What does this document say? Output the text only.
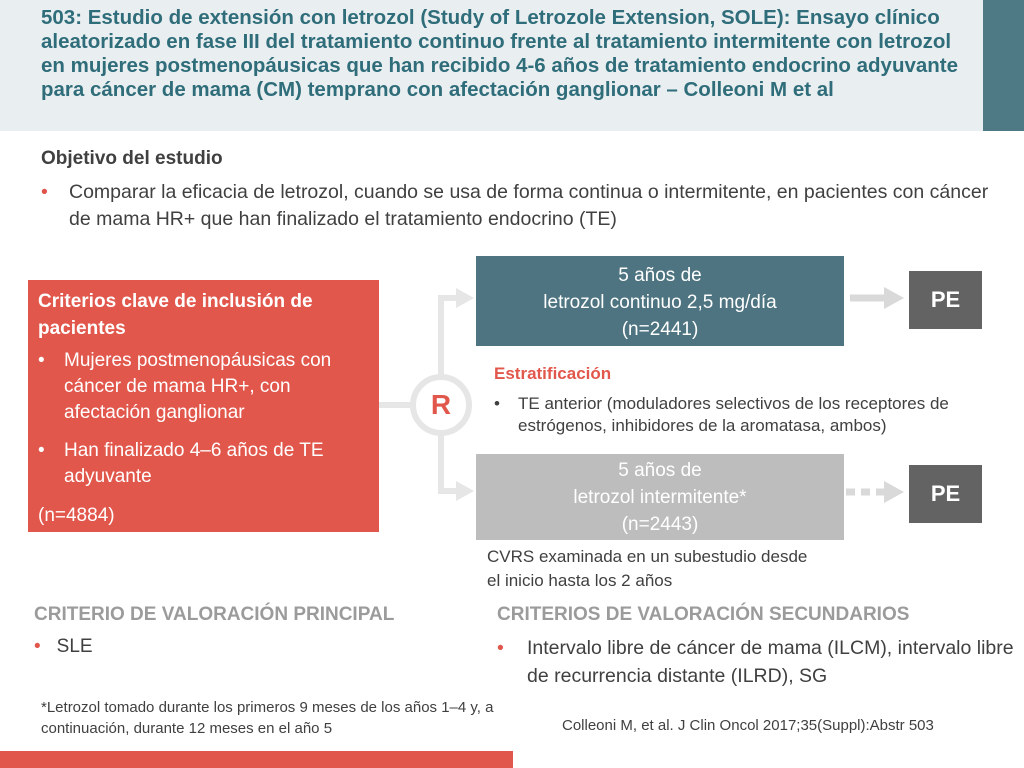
503: Estudio de extensión con letrozol (Study of Letrozole Extension, SOLE): Ensayo clínico aleatorizado en fase III del tratamiento continuo frente al tratamiento intermitente con letrozol en mujeres postmenopáusicas que han recibido 4-6 años de tratamiento endocrino adyuvante para cáncer de mama (CM) temprano con afectación ganglionar – Colleoni M et al
Objetivo del estudio
•	Comparar la eficacia de letrozol, cuando se usa de forma continua o intermitente, en pacientes con cáncer de mama HR+ que han finalizado el tratamiento endocrino (TE)
Criterios clave de inclusión de pacientes
•	Mujeres postmenopáusicas con cáncer de mama HR+, con afectación ganglionar
•	Han finalizado 4–6 años de TE adyuvante
(n=4884)
R
5 años de
letrozol continuo 2,5 mg/día
(n=2441)
PE
Estratificación
•	TE anterior (moduladores selectivos de los receptores de estrógenos, inhibidores de la aromatasa, ambos)
5 años de
letrozol intermitente*
(n=2443)
PE
CVRS examinada en un subestudio desde el inicio hasta los 2 años
CRITERIO DE VALORACIÓN PRINCIPAL	CRITERIOS DE VALORACIÓN SECUNDARIOS
• SLE	•	Intervalo libre de cáncer de mama (ILCM), intervalo libre de recurrencia distante (ILRD), SG
*Letrozol tomado durante los primeros 9 meses de los años 1–4 y, a continuación, durante 12 meses en el año 5	Colleoni M, et al. J Clin Oncol 2017;35(Suppl):Abstr 503
